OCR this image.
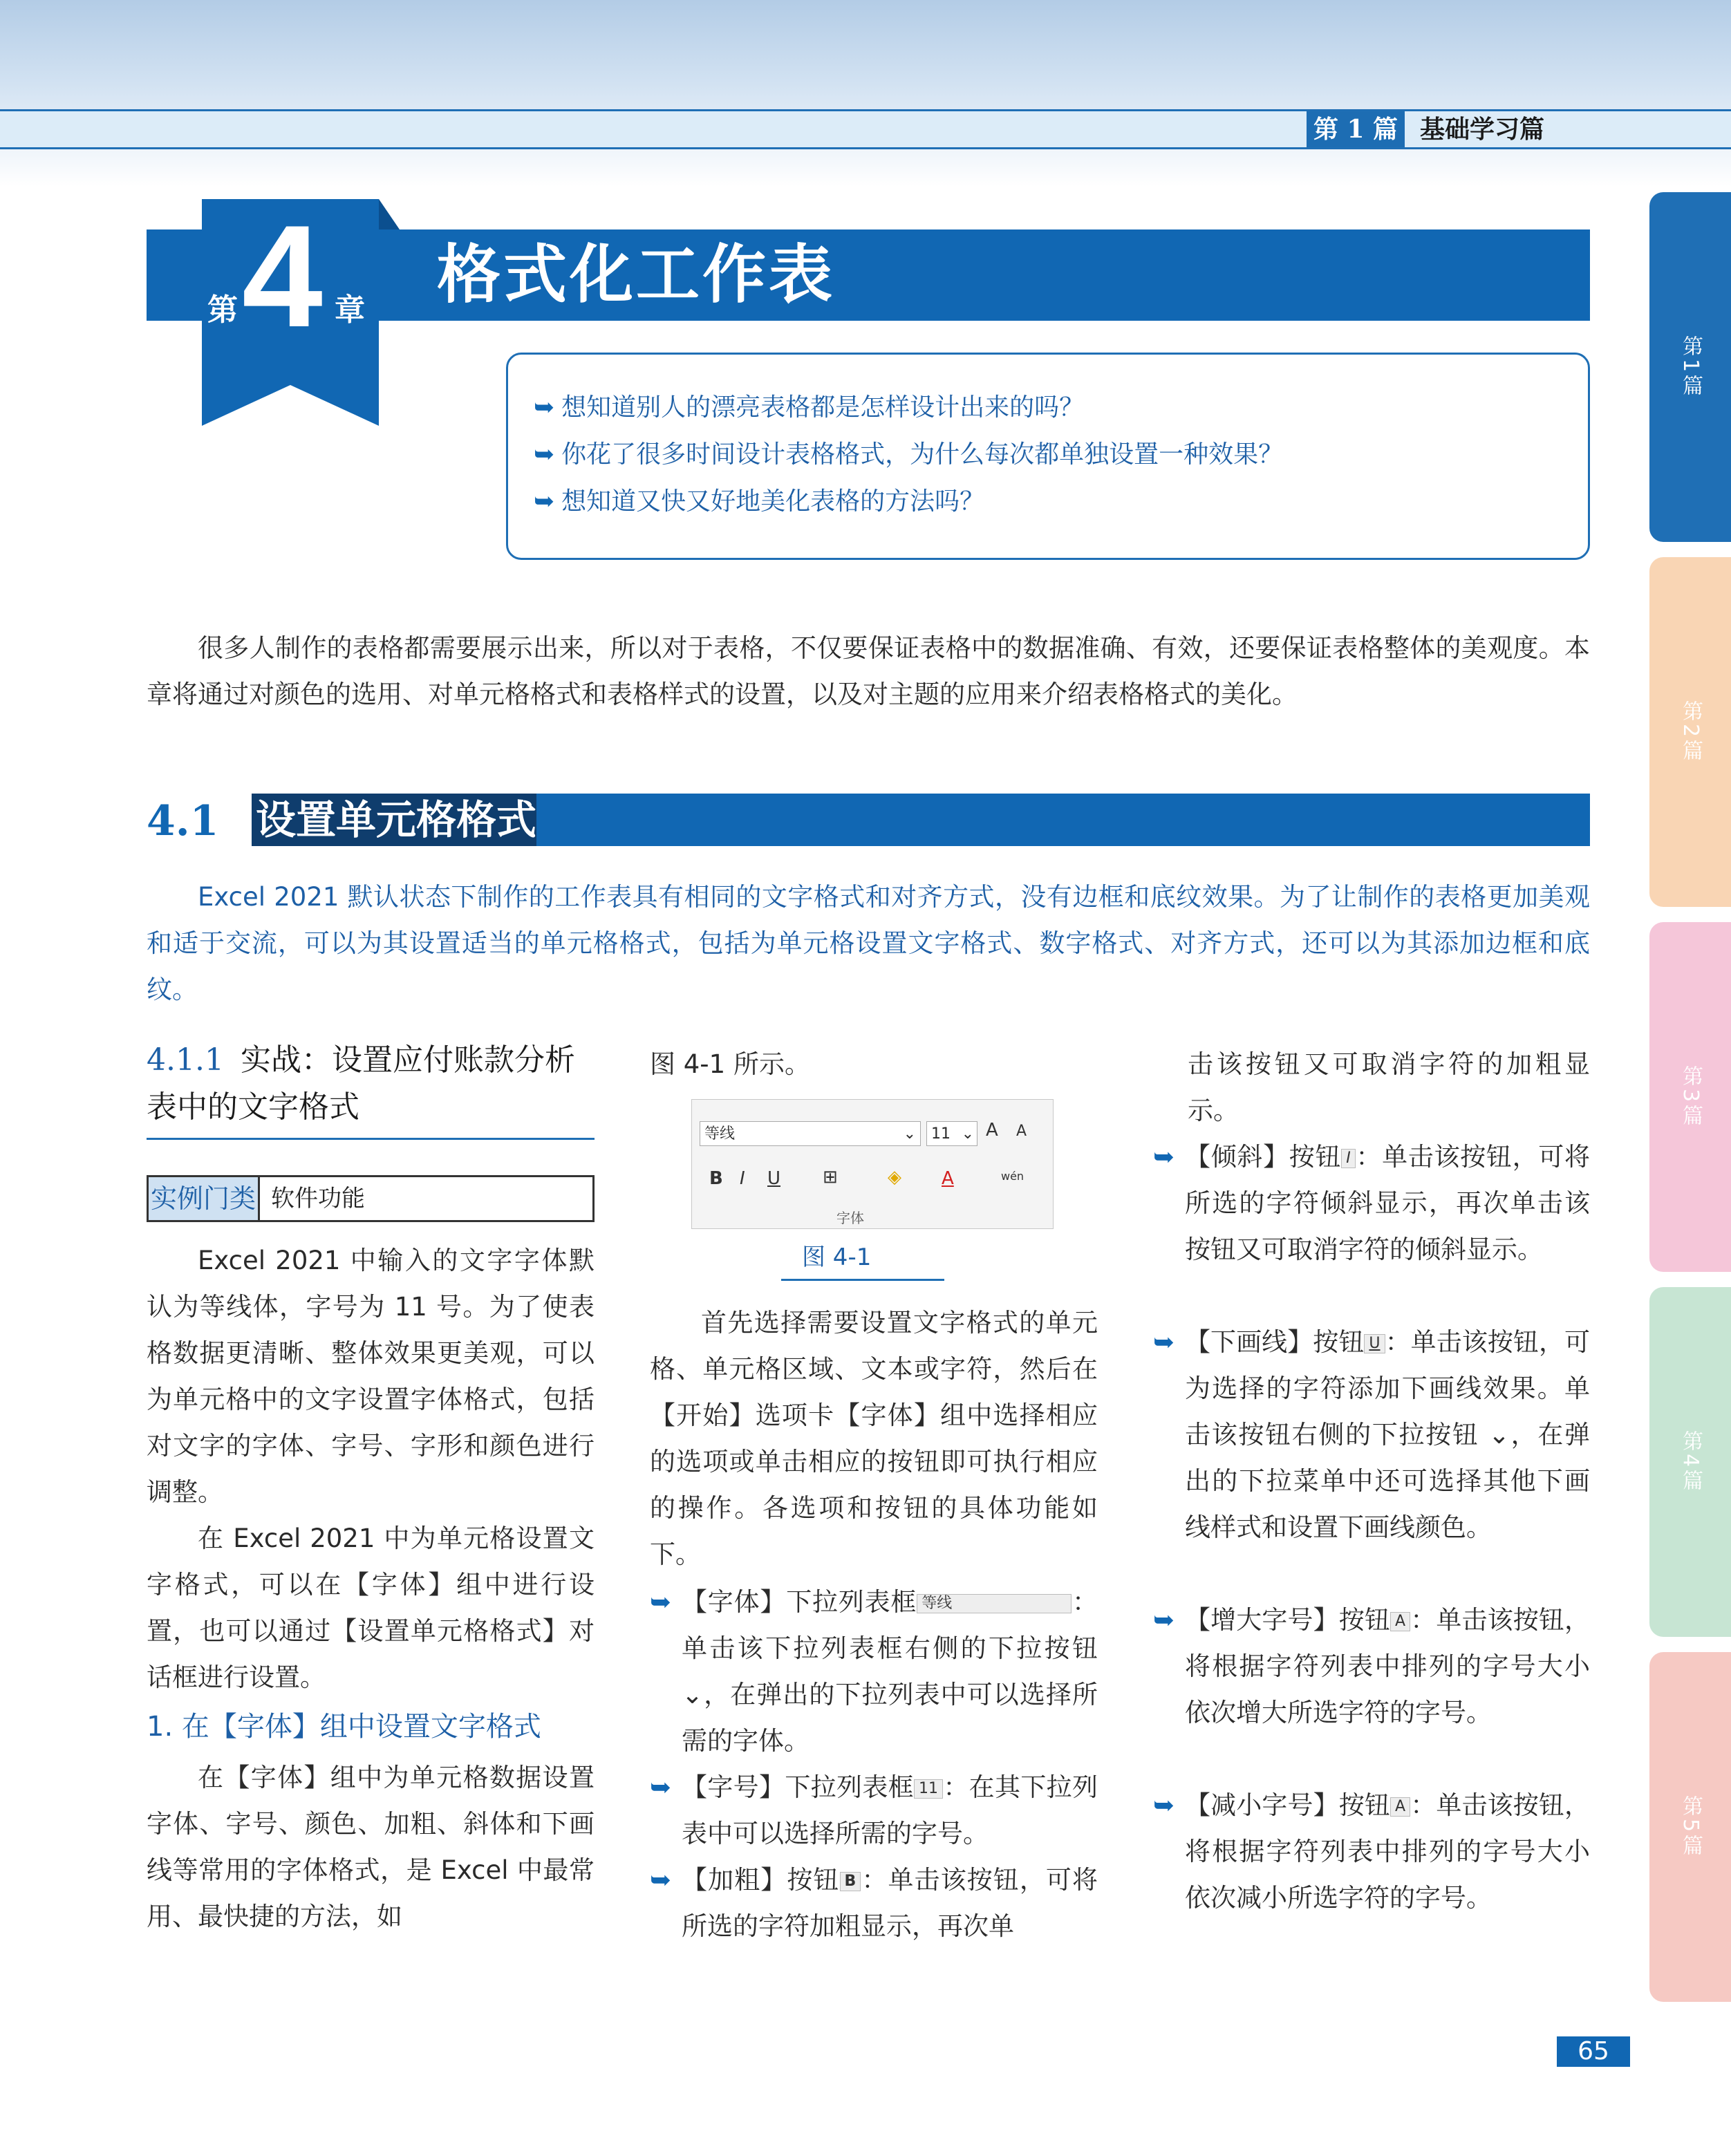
第 1 篇 基础学习篇
第1篇
第2篇
第3篇
第4篇
第5篇
第 4 章 格式化工作表
➥ 想知道别人的漂亮表格都是怎样设计出来的吗？
➥ 你花了很多时间设计表格格式，为什么每次都单独设置一种效果？
➥ 想知道又快又好地美化表格的方法吗？
很多人制作的表格都需要展示出来，所以对于表格，不仅要保证表格中的数据准确、有效，还要保证表格整体的美观度。本章将通过对颜色的选用、对单元格格式和表格样式的设置，以及对主题的应用来介绍表格格式的美化。
4.1 设置单元格格式
Excel 2021 默认状态下制作的工作表具有相同的文字格式和对齐方式，没有边框和底纹效果。为了让制作的表格更加美观和适于交流，可以为其设置适当的单元格格式，包括为单元格设置文字格式、数字格式、对齐方式，还可以为其添加边框和底纹。
4.1.1 实战：设置应付账款分析表中的文字格式
实例门类 软件功能
Excel 2021 中输入的文字字体默认为等线体，字号为 11 号。为了使表格数据更清晰、整体效果更美观，可以为单元格中的文字设置字体格式，包括对文字的字体、字号、字形和颜色进行调整。
在 Excel 2021 中为单元格设置文字格式，可以在【字体】组中进行设置，也可以通过【设置单元格格式】对话框进行设置。
1. 在【字体】组中设置文字格式
在【字体】组中为单元格数据设置字体、字号、颜色、加粗、斜体和下画线等常用的字体格式，是 Excel 中最常用、最快捷的方法，如
图 4-1 所示。
等线	⌄	11 ⌄ A A
B I U ⊞	◈ A	wén
字体
图 4-1
首先选择需要设置文字格式的单元格、单元格区域、文本或字符，然后在【开始】选项卡【字体】组中选择相应的选项或单击相应的按钮即可执行相应的操作。各选项和按钮的具体功能如下。
➥ 【字体】下拉列表框 等线	：单击该下拉列表框右侧的下拉按钮 ⌄，在弹出的下拉列表中可以选择所需的字体。
➥ 【字号】下拉列表框 11 ：在其下拉列表中可以选择所需的字号。
➥ 【加粗】按钮 B ：单击该按钮，可将所选的字符加粗显示，再次单
击该按钮又可取消字符的加粗显示。
➥ 【倾斜】按钮 I ：单击该按钮，可将所选的字符倾斜显示，再次单击该按钮又可取消字符的倾斜显示。
➥ 【下画线】按钮 U ：单击该按钮，可为选择的字符添加下画线效果。单击该按钮右侧的下拉按钮 ⌄，在弹出的下拉菜单中还可选择其他下画线样式和设置下画线颜色。
➥ 【增大字号】按钮 A ：单击该按钮，将根据字符列表中排列的字号大小依次增大所选字符的字号。
➥ 【减小字号】按钮 A ：单击该按钮，将根据字符列表中排列的字号大小依次减小所选字符的字号。
65
